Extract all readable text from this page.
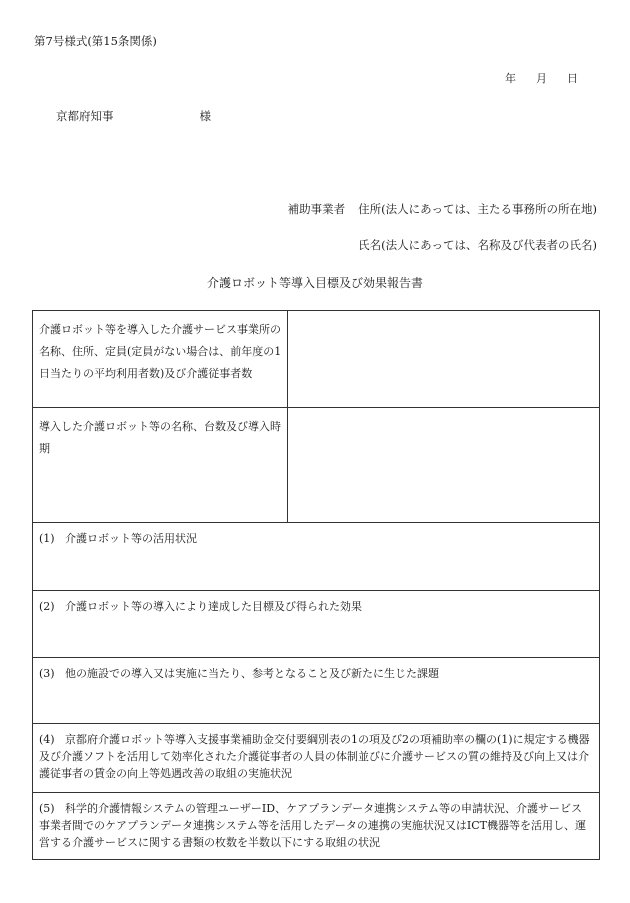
第7号様式(第15条関係)
年 月 日
京都府知事	様
補助事業者 住所(法人にあっては、主たる事務所の所在地)
氏名(法人にあっては、名称及び代表者の氏名)
介護ロボット等導入目標及び効果報告書
介護ロボット等を導入した介護サービス事業所の名称、住所、定員(定員がない場合は、前年度の1日当たりの平均利用者数)及び介護従事者数	

導入した介護ロボット等の名称、台数及び導入時期	

(1) 介護ロボット等の活用状況	

(2) 介護ロボット等の導入により達成した目標及び得られた効果	

(3) 他の施設での導入又は実施に当たり、参考となること及び新たに生じた課題	

(4) 京都府介護ロボット等導入支援事業補助金交付要綱別表の1の項及び2の項補助率の欄の(1)に規定する機器及び介護ソフトを活用して効率化された介護従事者の人員の体制並びに介護サービスの質の維持及び向上又は介護従事者の賃金の向上等処遇改善の取組の実施状況	

(5) 科学的介護情報システムの管理ユーザーID、ケアプランデータ連携システム等の申請状況、介護サービス事業者間でのケアプランデータ連携システム等を活用したデータの連携の実施状況又はICT機器等を活用し、運営する介護サービスに関する書類の枚数を半数以下にする取組の状況	
